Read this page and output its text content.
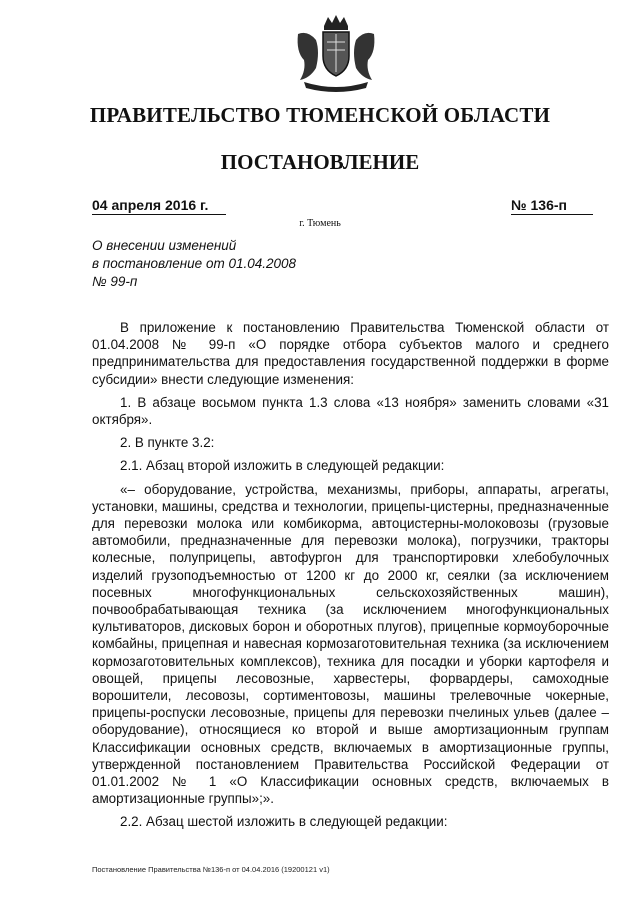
ПРАВИТЕЛЬСТВО ТЮМЕНСКОЙ ОБЛАСТИ
ПОСТАНОВЛЕНИЕ
04 апреля 2016 г.	№ 136-п
г. Тюмень
О внесении изменений
в постановление от 01.04.2008
№ 99-п

В приложение к постановлению Правительства Тюменской области от 01.04.2008 № 99-п «О порядке отбора субъектов малого и среднего предпринимательства для предоставления государственной поддержки в форме субсидии» внести следующие изменения:

1. В абзаце восьмом пункта 1.3 слова «13 ноября» заменить словами «31 октября».

2. В пункте 3.2:

2.1. Абзац второй изложить в следующей редакции:

«– оборудование, устройства, механизмы, приборы, аппараты, агрегаты, установки, машины, средства и технологии, прицепы-цистерны, предназначенные для перевозки молока или комбикорма, автоцистерны-молоковозы (грузовые автомобили, предназначенные для перевозки молока), погрузчики, тракторы колесные, полуприцепы, автофургон для транспортировки хлебобулочных изделий грузоподъемностью от 1200 кг до 2000 кг, сеялки (за исключением посевных многофункциональных сельскохозяйственных машин), почвообрабатывающая техника (за исключением многофункциональных культиваторов, дисковых борон и оборотных плугов), прицепные кормоуборочные комбайны, прицепная и навесная кормозаготовительная техника (за исключением кормозаготовительных комплексов), техника для посадки и уборки картофеля и овощей, прицепы лесовозные, харвестеры, форвардеры, самоходные ворошители, лесовозы, сортиментовозы, машины трелевочные чокерные, прицепы-роспуски лесовозные, прицепы для перевозки пчелиных ульев (далее – оборудование), относящиеся ко второй и выше амортизационным группам Классификации основных средств, включаемых в амортизационные группы, утвержденной постановлением Правительства Российской Федерации от 01.01.2002 № 1 «О Классификации основных средств, включаемых в амортизационные группы»;».

2.2. Абзац шестой изложить в следующей редакции:

Постановление Правительства №136-п от 04.04.2016 (19200121 v1)
